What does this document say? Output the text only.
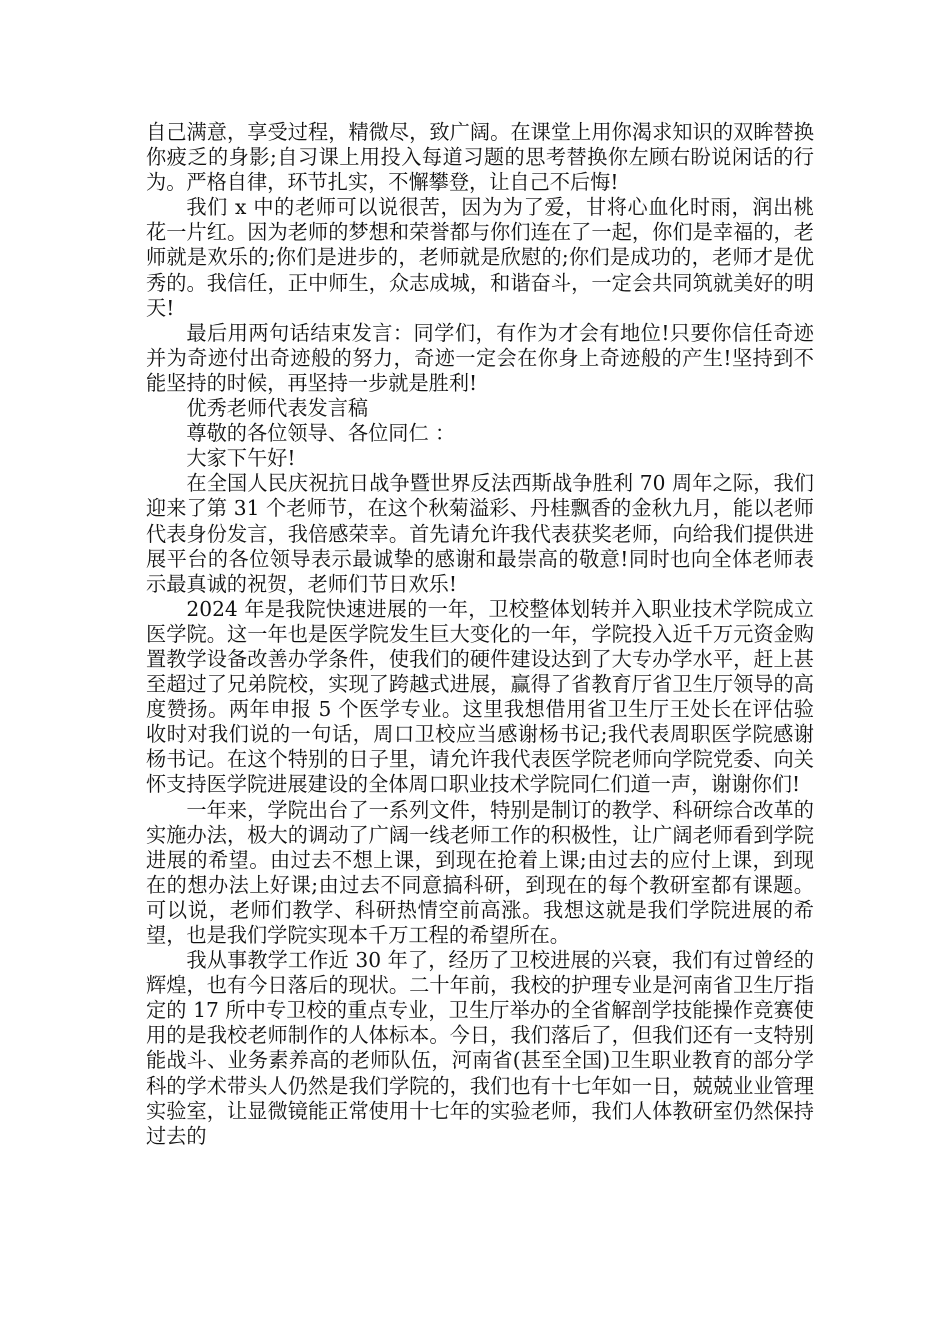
自己满意，享受过程，精微尽，致广阔。在课堂上用你渴求知识的双眸替换你疲乏的身影;自习课上用投入每道习题的思考替换你左顾右盼说闲话的行为。严格自律，环节扎实，不懈攀登，让自己不后悔!

我们 x 中的老师可以说很苦，因为为了爱，甘将心血化时雨，润出桃花一片红。因为老师的梦想和荣誉都与你们连在了一起，你们是幸福的，老师就是欢乐的;你们是进步的，老师就是欣慰的;你们是成功的，老师才是优秀的。我信任，正中师生，众志成城，和谐奋斗，一定会共同筑就美好的明天!

最后用两句话结束发言：同学们，有作为才会有地位!只要你信任奇迹并为奇迹付出奇迹般的努力，奇迹一定会在你身上奇迹般的产生!坚持到不能坚持的时候，再坚持一步就是胜利!

优秀老师代表发言稿

尊敬的各位领导、各位同仁 ：

大家下午好!

在全国人民庆祝抗日战争暨世界反法西斯战争胜利 70 周年之际，我们迎来了第 31 个老师节，在这个秋菊溢彩、丹桂飘香的金秋九月，能以老师代表身份发言，我倍感荣幸。首先请允许我代表获奖老师，向给我们提供进展平台的各位领导表示最诚挚的感谢和最崇高的敬意!同时也向全体老师表示最真诚的祝贺，老师们节日欢乐!

2024 年是我院快速进展的一年，卫校整体划转并入职业技术学院成立医学院。这一年也是医学院发生巨大变化的一年，学院投入近千万元资金购置教学设备改善办学条件，使我们的硬件建设达到了大专办学水平，赶上甚至超过了兄弟院校，实现了跨越式进展，赢得了省教育厅省卫生厅领导的高度赞扬。两年申报 5 个医学专业。这里我想借用省卫生厅王处长在评估验收时对我们说的一句话，周口卫校应当感谢杨书记;我代表周职医学院感谢杨书记。在这个特别的日子里，请允许我代表医学院老师向学院党委、向关怀支持医学院进展建设的全体周口职业技术学院同仁们道一声，谢谢你们!

一年来，学院出台了一系列文件，特别是制订的教学、科研综合改革的实施办法，极大的调动了广阔一线老师工作的积极性，让广阔老师看到学院进展的希望。由过去不想上课，到现在抢着上课;由过去的应付上课，到现在的想办法上好课;由过去不同意搞科研，到现在的每个教研室都有课题。可以说，老师们教学、科研热情空前高涨。我想这就是我们学院进展的希望，也是我们学院实现本千万工程的希望所在。

我从事教学工作近 30 年了，经历了卫校进展的兴衰，我们有过曾经的辉煌，也有今日落后的现状。二十年前，我校的护理专业是河南省卫生厅指定的 17 所中专卫校的重点专业，卫生厅举办的全省解剖学技能操作竞赛使用的是我校老师制作的人体标本。今日，我们落后了，但我们还有一支特别能战斗、业务素养高的老师队伍，河南省(甚至全国)卫生职业教育的部分学科的学术带头人仍然是我们学院的，我们也有十七年如一日，兢兢业业管理实验室，让显微镜能正常使用十七年的实验老师，我们人体教研室仍然保持过去的
